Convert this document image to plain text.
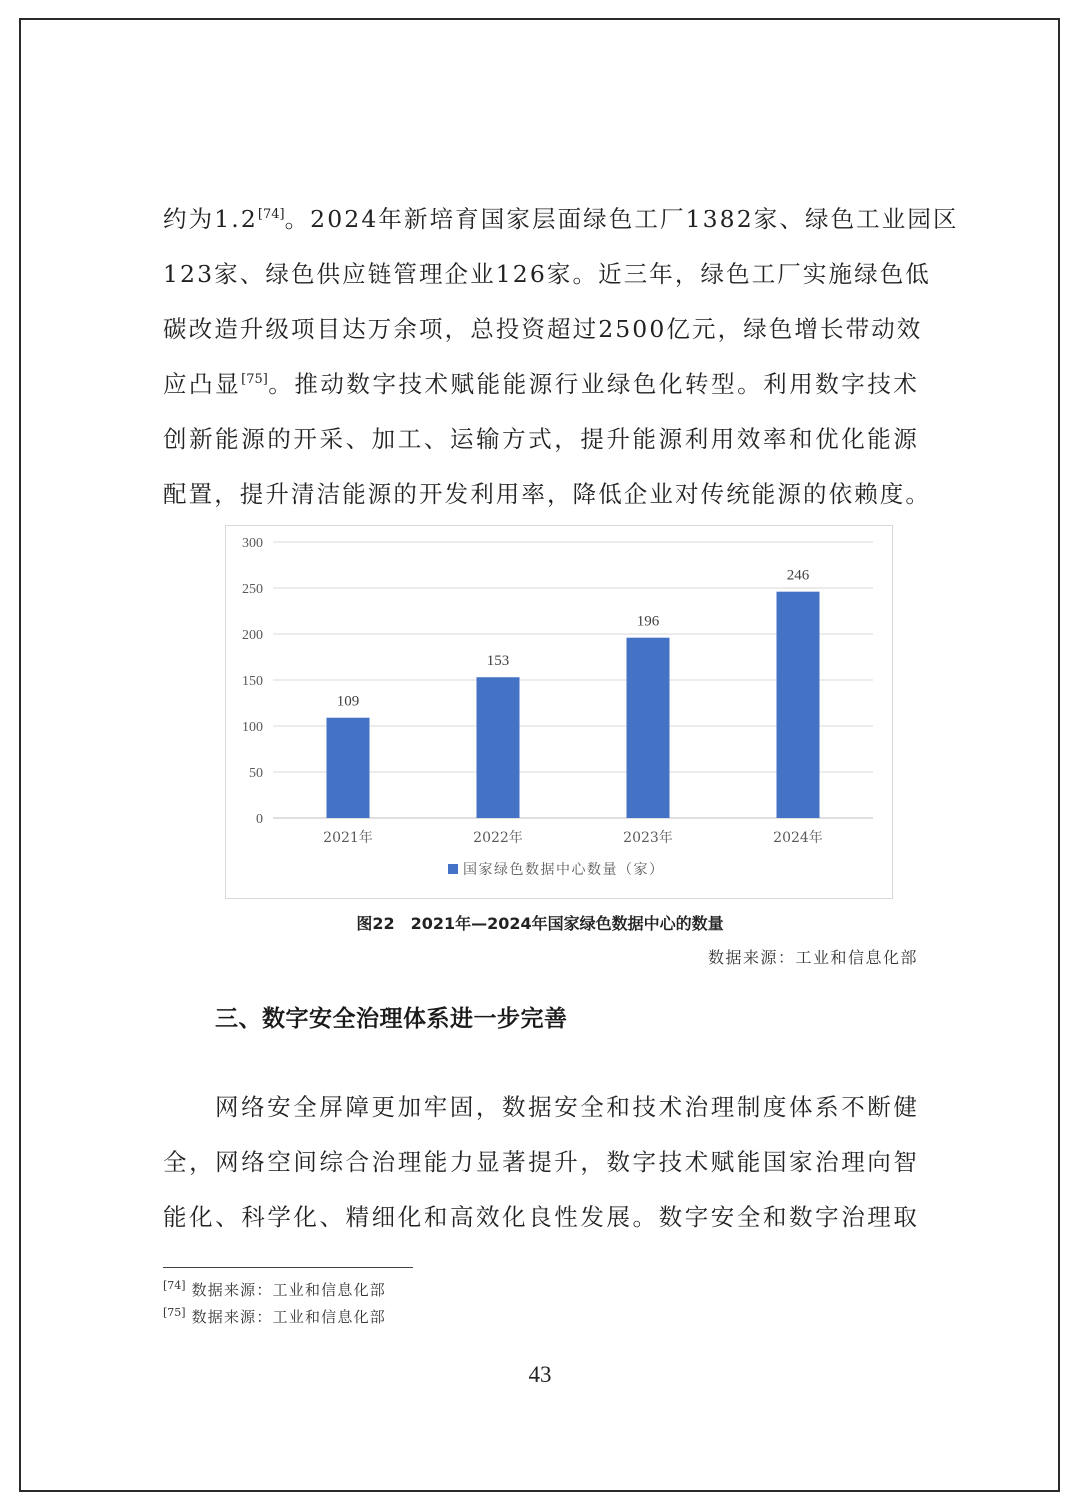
约为1.2[74]。2024年新培育国家层面绿色工厂1382家、绿色工业园区
123家、绿色供应链管理企业126家。近三年，绿色工厂实施绿色低
碳改造升级项目达万余项，总投资超过2500亿元，绿色增长带动效
应凸显[75]。推动数字技术赋能能源行业绿色化转型。利用数字技术
创新能源的开采、加工、运输方式，提升能源利用效率和优化能源
配置，提升清洁能源的开发利用率，降低企业对传统能源的依赖度。
0
50
100
150
200
250
300
109
2021年
153
2022年
196
2023年
246
2024年
国家绿色数据中心数量（家）
图22　2021年—2024年国家绿色数据中心的数量
数据来源：工业和信息化部
三、数字安全治理体系进一步完善
网络安全屏障更加牢固，数据安全和技术治理制度体系不断健
全，网络空间综合治理能力显著提升，数字技术赋能国家治理向智
能化、科学化、精细化和高效化良性发展。数字安全和数字治理取
[74] 数据来源：工业和信息化部
[75] 数据来源：工业和信息化部
43
